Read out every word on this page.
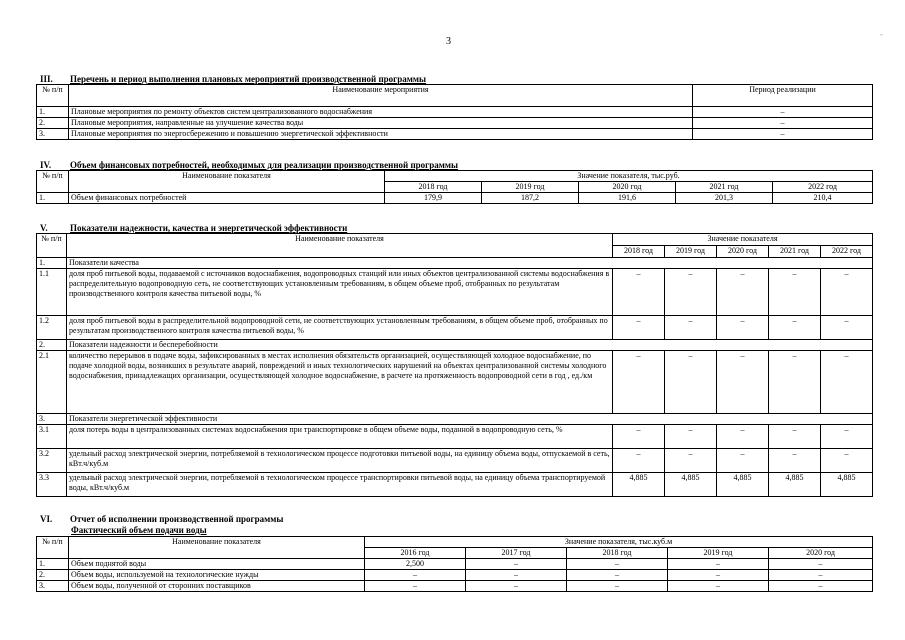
3
-
III. Перечень и период выполнения плановых мероприятий производственной программы
№ п/п	Наименование мероприятия	Период реализации
1.	Плановые мероприятия по ремонту объектов систем централизованного водоснабжения	–
2.	Плановые мероприятия, направленные на улучшение качества воды	–
3.	Плановые мероприятия по энергосбережению и повышению энергетической эффективности	–
IV. Объем финансовых потребностей, необходимых для реализации производственной программы
№ п/п	Наименование показателя	Значение показателя, тыс.руб.				
		2018 год	2019 год	2020 год	2021 год	2022 год
1.	Объем финансовых потребностей	179,9	187,2	191,6	201,3	210,4
V. Показатели надежности, качества и энергетической эффективности
№ п/п	Наименование показателя	Значение показателя				
		2018 год	2019 год	2020 год	2021 год	2022 год
1.	Показатели качества					
1.1	доля проб питьевой воды, подаваемой с источников водоснабжения, водопроводных станций или иных объектов централизованной системы водоснабжения в распределительную водопроводную сеть, не соответствующих установленным требованиям, в общем объеме проб, отобранных по результатам производственного контроля качества питьевой воды, %	–	–	–	–	–
1.2	доля проб питьевой воды в распределительной водопроводной сети, не соответствующих установленным требованиям, в общем объеме проб, отобранных по результатам производственного контроля качества питьевой воды, %	–	–	–	–	–
2.	Показатели надежности и бесперебойности					
2.1	количество перерывов в подаче воды, зафиксированных в местах исполнения обязательств организацией, осуществляющей холодное водоснабжение, по подаче холодной воды, возникших в результате аварий, повреждений и иных технологических нарушений на объектах централизованной системы холодного водоснабжения, принадлежащих организации, осуществляющей холодное водоснабжение, в расчете на протяженность водопроводной сети в год , ед./км	–	–	–	–	–
3.	Показатели энергетической эффективности					
3.1	доля потерь воды в централизованных системах водоснабжения при транспортировке в общем объеме воды, поданной в водопроводную сеть, %	–	–	–	–	–
3.2	удельный расход электрической энергии, потребляемой в технологическом процессе подготовки питьевой воды, на единицу объема воды, отпускаемой в сеть, кВт.ч/куб.м	–	–	–	–	–
3.3	удельный расход электрической энергии, потребляемой в технологическом процессе транспортировки питьевой воды, на единицу объема транспортируемой воды, кВт.ч/куб.м	4,885	4,885	4,885	4,885	4,885
VI. Отчет об исполнении производственной программы
Фактический объем подачи воды
№ п/п	Наименование показателя	Значение показателя, тыс.куб.м				
		2016 год	2017 год	2018 год	2019 год	2020 год
1.	Объем поднятой воды	2,500	–	–	–	–
2.	Объем воды, используемой на технологические нужды	–	–	–	–	–
3.	Объем воды, полученной от сторонних поставщиков	–	–	–	–	–
